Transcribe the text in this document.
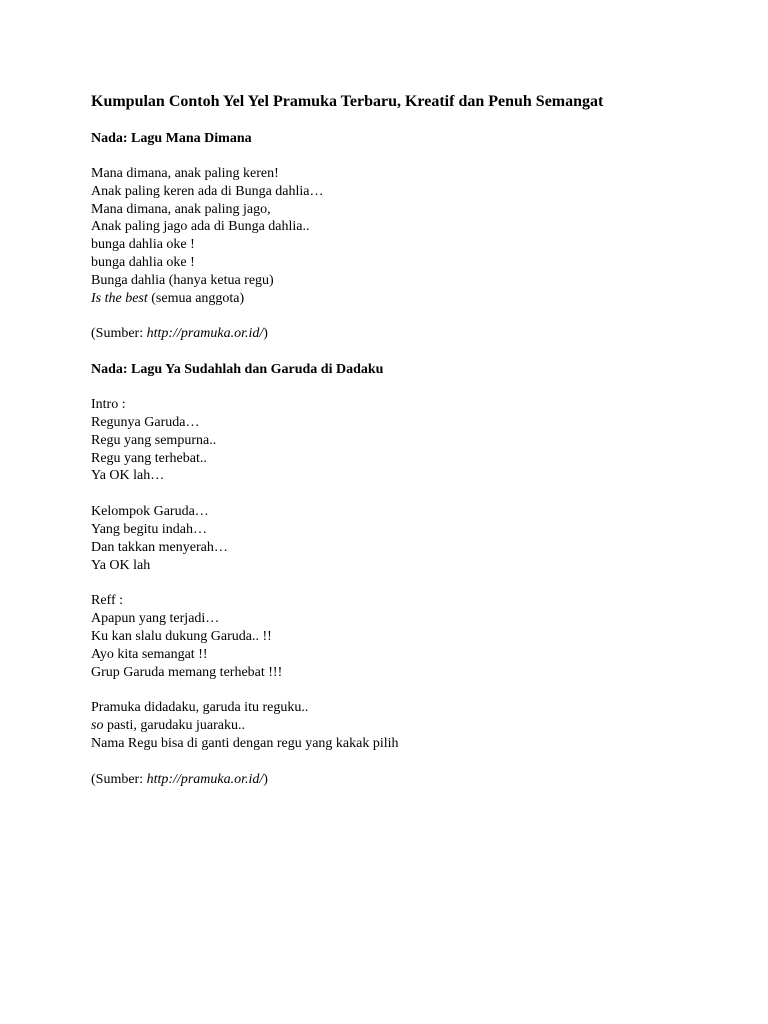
Kumpulan Contoh Yel Yel Pramuka Terbaru, Kreatif dan Penuh Semangat

Nada: Lagu Mana Dimana

Mana dimana, anak paling keren!

Anak paling keren ada di Bunga dahlia…

Mana dimana, anak paling jago,

Anak paling jago ada di Bunga dahlia..

bunga dahlia oke !

bunga dahlia oke !

Bunga dahlia (hanya ketua regu)

Is the best (semua anggota)

(Sumber: http://pramuka.or.id/)

Nada: Lagu Ya Sudahlah dan Garuda di Dadaku

Intro :

Regunya Garuda…

Regu yang sempurna..

Regu yang terhebat..

Ya OK lah…

Kelompok Garuda…

Yang begitu indah…

Dan takkan menyerah…

Ya OK lah

Reff :

Apapun yang terjadi…

Ku kan slalu dukung Garuda.. !!

Ayo kita semangat !!

Grup Garuda memang terhebat !!!

Pramuka didadaku, garuda itu reguku..

so pasti, garudaku juaraku..

Nama Regu bisa di ganti dengan regu yang kakak pilih

(Sumber: http://pramuka.or.id/)
